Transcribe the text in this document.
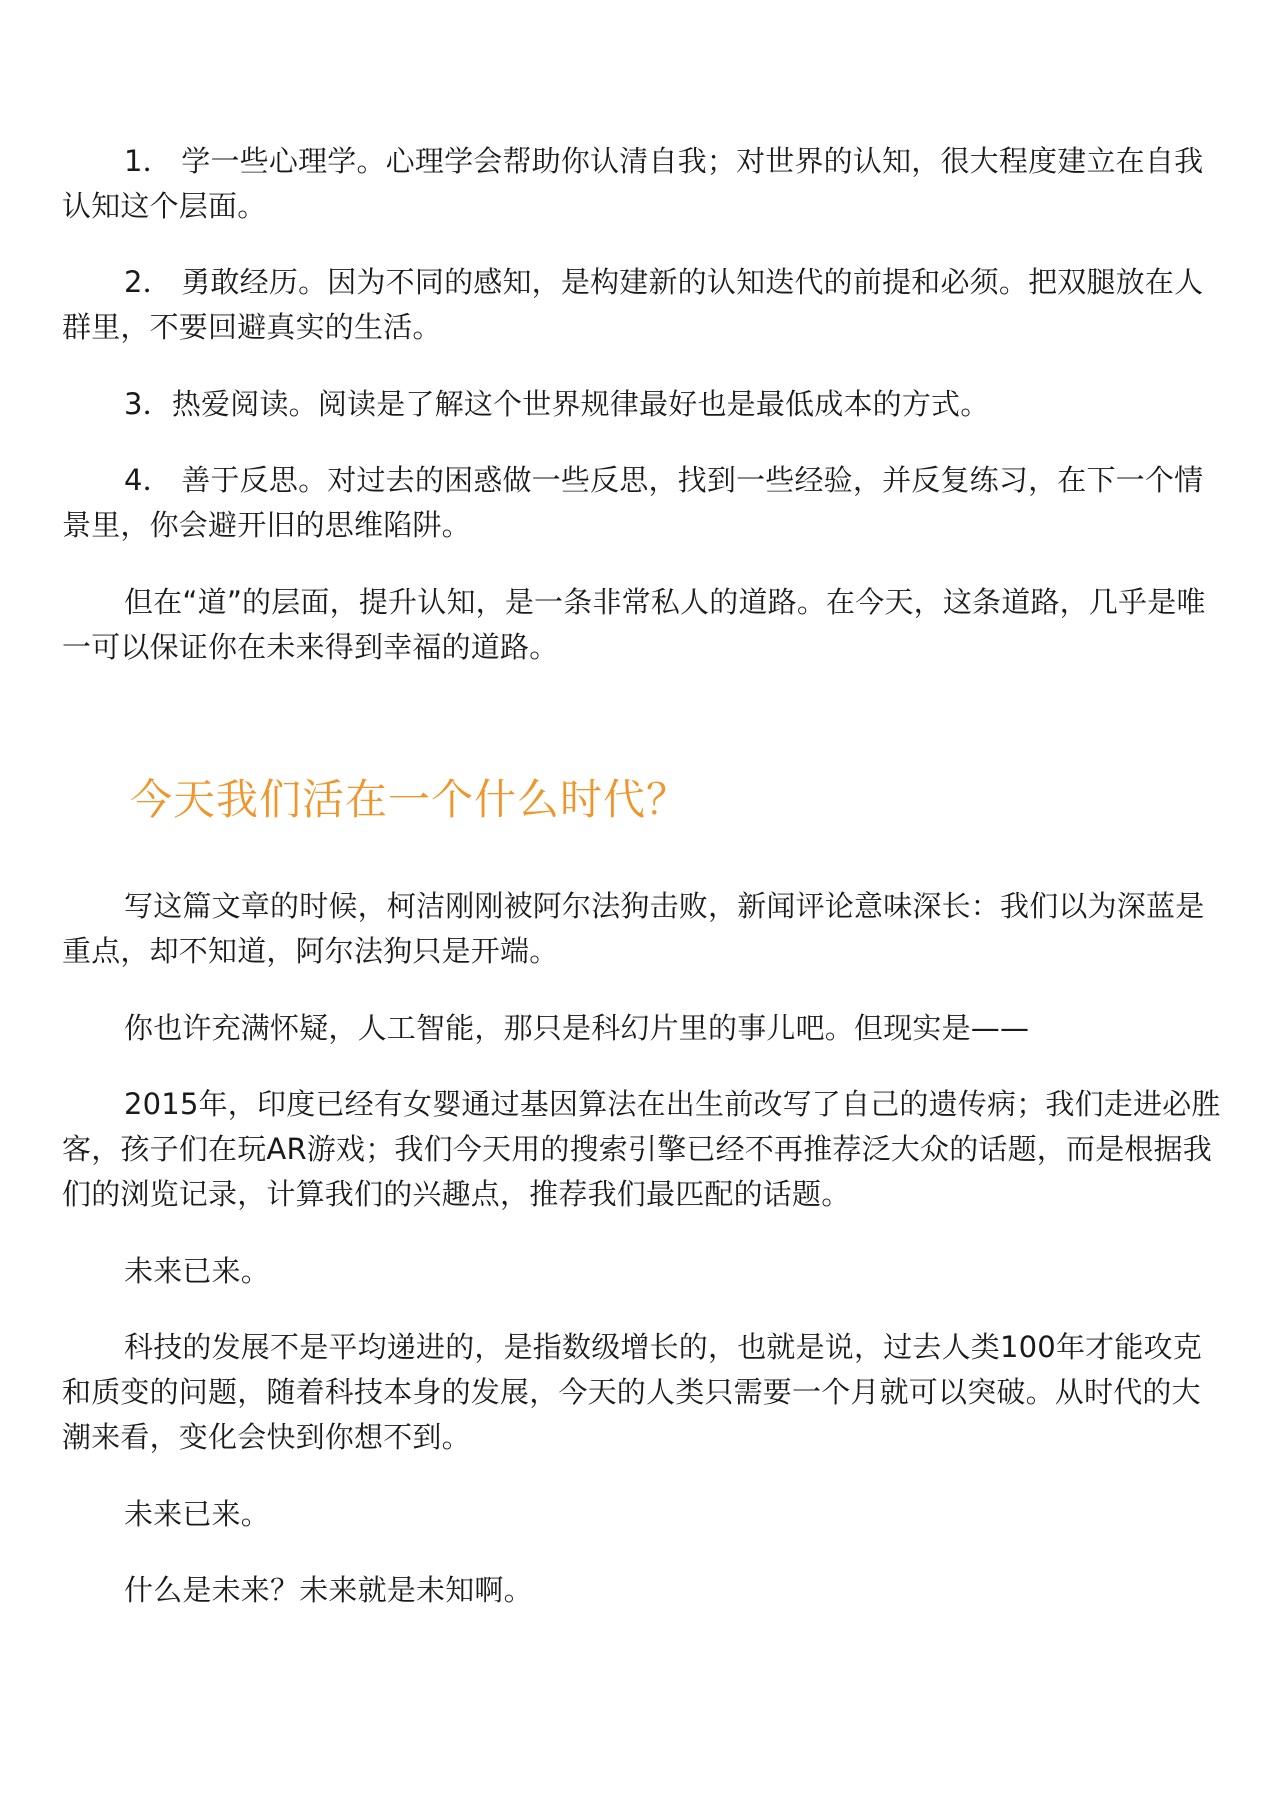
1． 学一些心理学。心理学会帮助你认清自我；对世界的认知，很大程度建立在自我认知这个层面。

2． 勇敢经历。因为不同的感知，是构建新的认知迭代的前提和必须。把双腿放在人群里，不要回避真实的生活。

3．热爱阅读。阅读是了解这个世界规律最好也是最低成本的方式。

4． 善于反思。对过去的困惑做一些反思，找到一些经验，并反复练习，在下一个情景里，你会避开旧的思维陷阱。

但在“道”的层面，提升认知，是一条非常私人的道路。在今天，这条道路，几乎是唯一可以保证你在未来得到幸福的道路。

今天我们活在一个什么时代？

写这篇文章的时候，柯洁刚刚被阿尔法狗击败，新闻评论意味深长：我们以为深蓝是重点，却不知道，阿尔法狗只是开端。

你也许充满怀疑，人工智能，那只是科幻片里的事儿吧。但现实是——

2015年，印度已经有女婴通过基因算法在出生前改写了自己的遗传病；我们走进必胜客，孩子们在玩AR游戏；我们今天用的搜索引擎已经不再推荐泛大众的话题，而是根据我们的浏览记录，计算我们的兴趣点，推荐我们最匹配的话题。

未来已来。

科技的发展不是平均递进的，是指数级增长的，也就是说，过去人类100年才能攻克和质变的问题，随着科技本身的发展，今天的人类只需要一个月就可以突破。从时代的大潮来看，变化会快到你想不到。

未来已来。

什么是未来？未来就是未知啊。
